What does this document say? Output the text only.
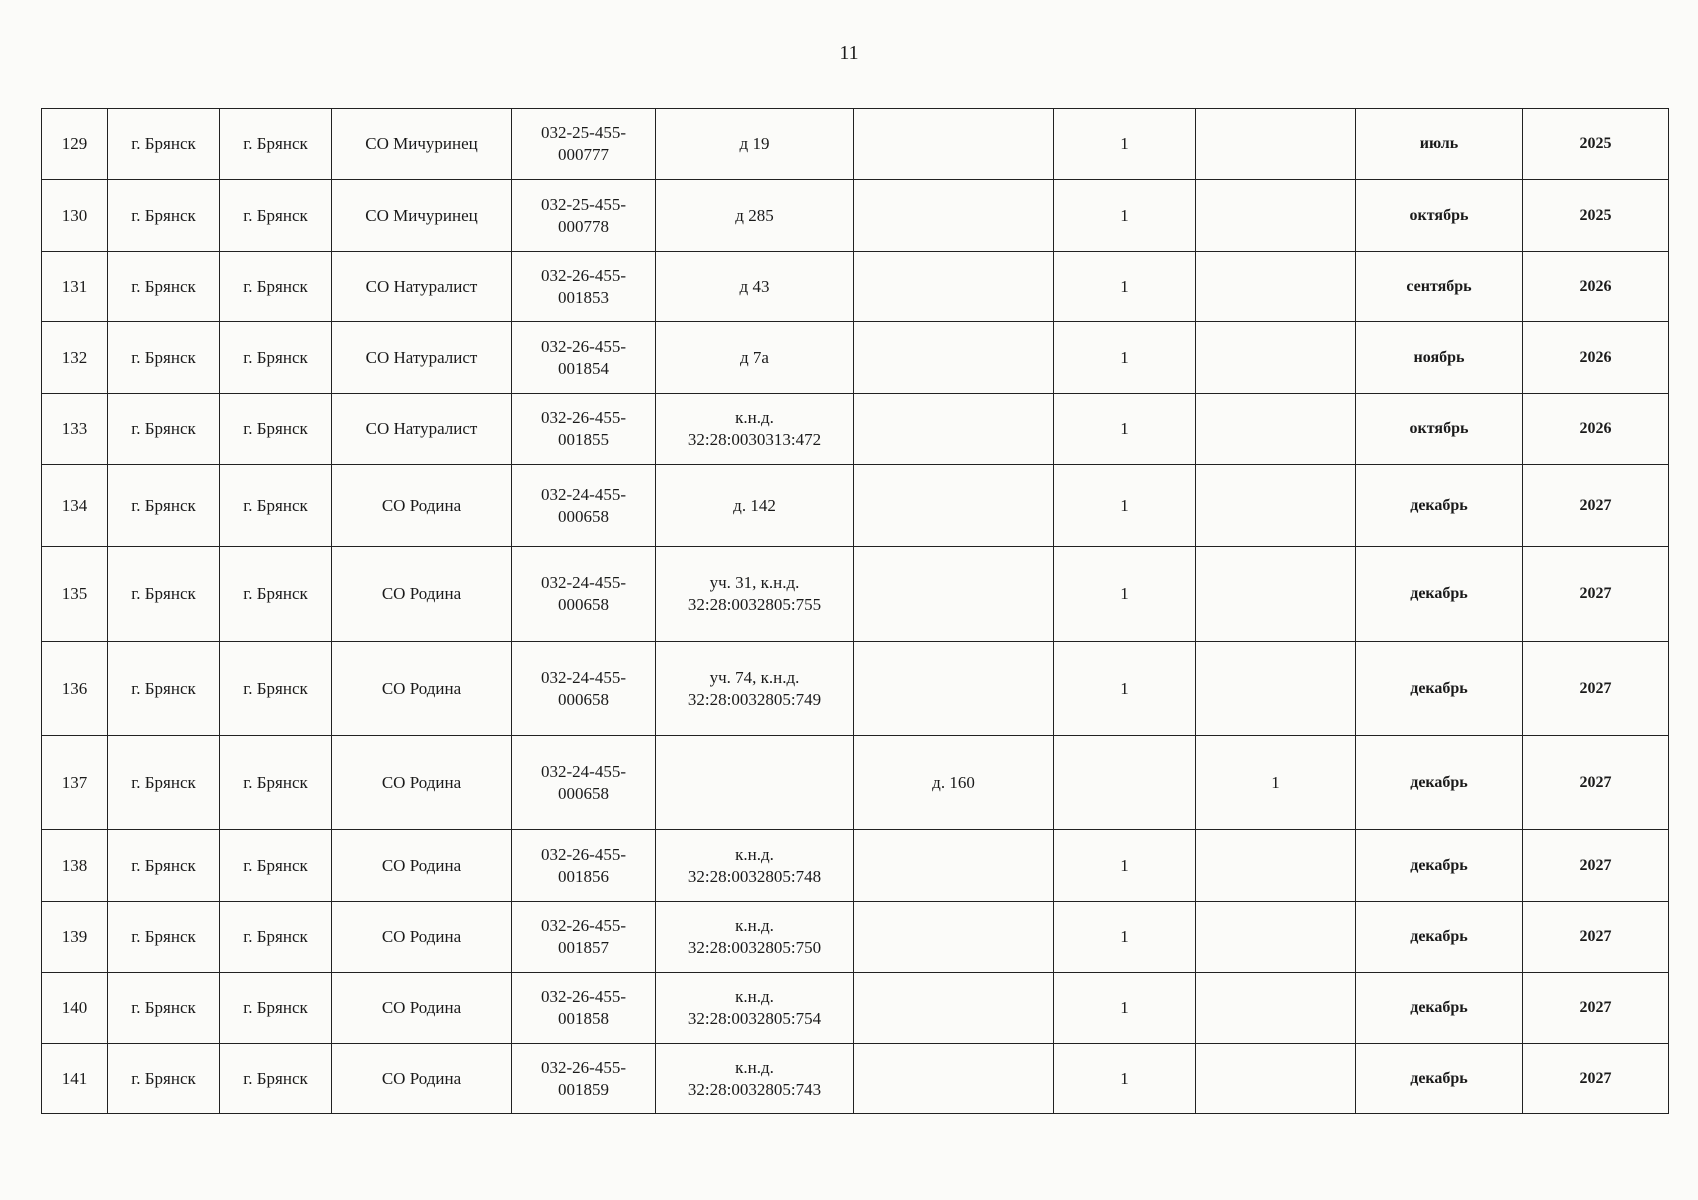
11
129	г. Брянск	г. Брянск	СО Мичуринец	032-25-455-
000777	д 19		1		июль	2025
130	г. Брянск	г. Брянск	СО Мичуринец	032-25-455-
000778	д 285		1		октябрь	2025
131	г. Брянск	г. Брянск	СО Натуралист	032-26-455-
001853	д 43		1		сентябрь	2026
132	г. Брянск	г. Брянск	СО Натуралист	032-26-455-
001854	д 7а		1		ноябрь	2026
133	г. Брянск	г. Брянск	СО Натуралист	032-26-455-
001855	к.н.д.
32:28:0030313:472		1		октябрь	2026
134	г. Брянск	г. Брянск	СО Родина	032-24-455-
000658	д. 142		1		декабрь	2027
135	г. Брянск	г. Брянск	СО Родина	032-24-455-
000658	уч. 31, к.н.д.
32:28:0032805:755		1		декабрь	2027
136	г. Брянск	г. Брянск	СО Родина	032-24-455-
000658	уч. 74, к.н.д.
32:28:0032805:749		1		декабрь	2027
137	г. Брянск	г. Брянск	СО Родина	032-24-455-
000658		д. 160		1	декабрь	2027
138	г. Брянск	г. Брянск	СО Родина	032-26-455-
001856	к.н.д.
32:28:0032805:748		1		декабрь	2027
139	г. Брянск	г. Брянск	СО Родина	032-26-455-
001857	к.н.д.
32:28:0032805:750		1		декабрь	2027
140	г. Брянск	г. Брянск	СО Родина	032-26-455-
001858	к.н.д.
32:28:0032805:754		1		декабрь	2027
141	г. Брянск	г. Брянск	СО Родина	032-26-455-
001859	к.н.д.
32:28:0032805:743		1		декабрь	2027
